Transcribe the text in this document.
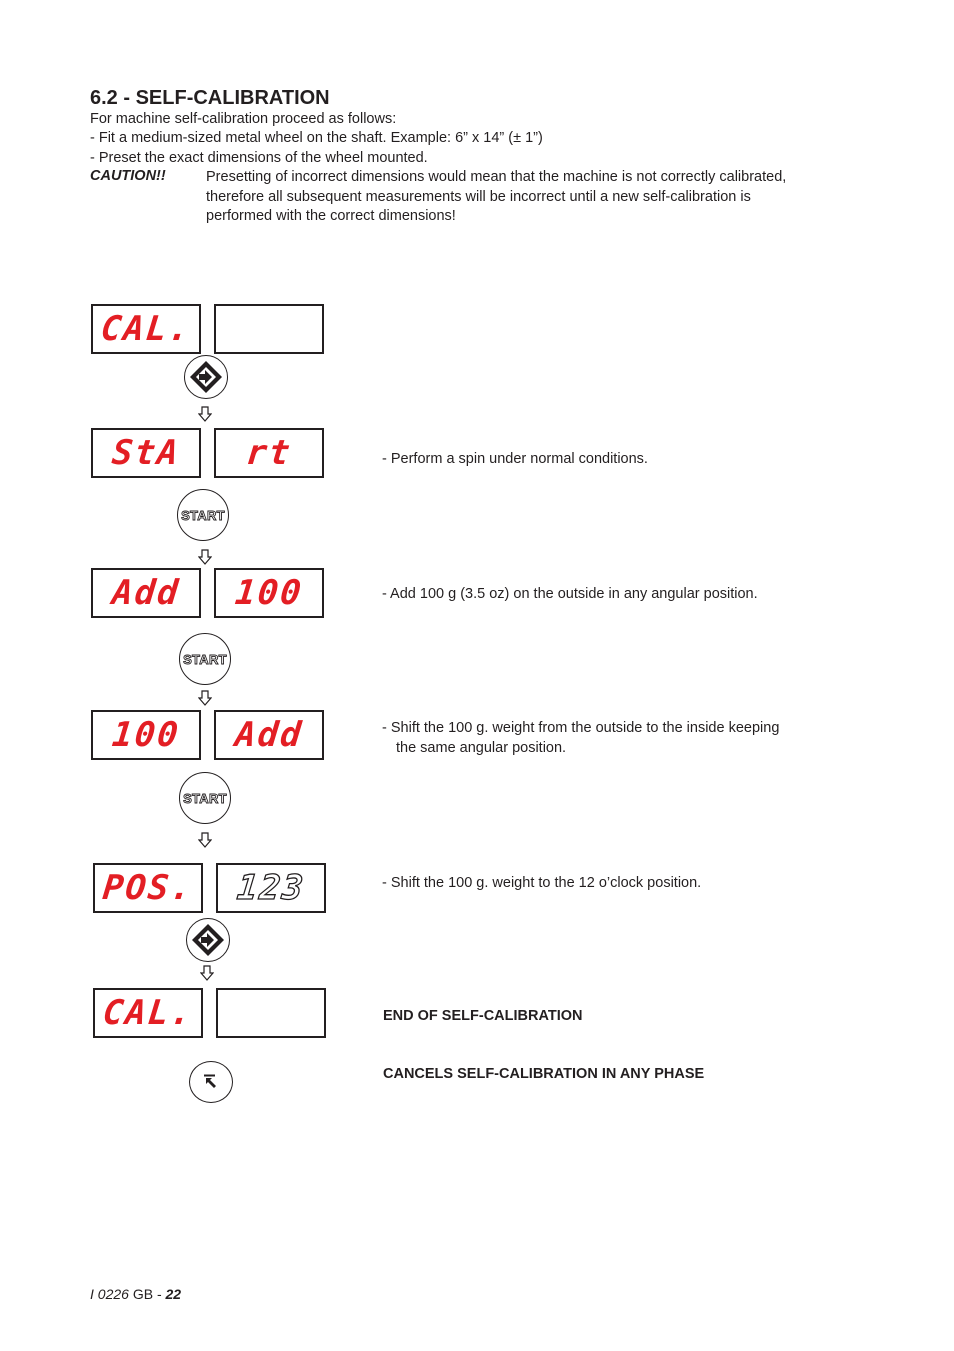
6.2 - SELF-CALIBRATION
For machine self-calibration proceed as follows:
- Fit a medium-sized metal wheel on the shaft. Example: 6” x 14” (± 1”)
- Preset the exact dimensions of the wheel mounted.
CAUTION!!	Presetting of incorrect dimensions would mean that the machine is not correctly calibrated, therefore all subsequent measurements will be incorrect until a new self-calibration is performed with the correct dimensions!
CAL.
StA	rt	- Perform a spin under normal conditions.
START
Add	100	- Add 100 g (3.5 oz) on the outside in any angular position.
START
100	Add	- Shift the 100 g. weight from the outside to the inside keeping
the same angular position.
START
POS.	123	- Shift the 100 g. weight to the 12 o’clock position.
CAL.	END OF SELF-CALIBRATION
CANCELS SELF-CALIBRATION IN ANY PHASE
I 0226 GB - 22
